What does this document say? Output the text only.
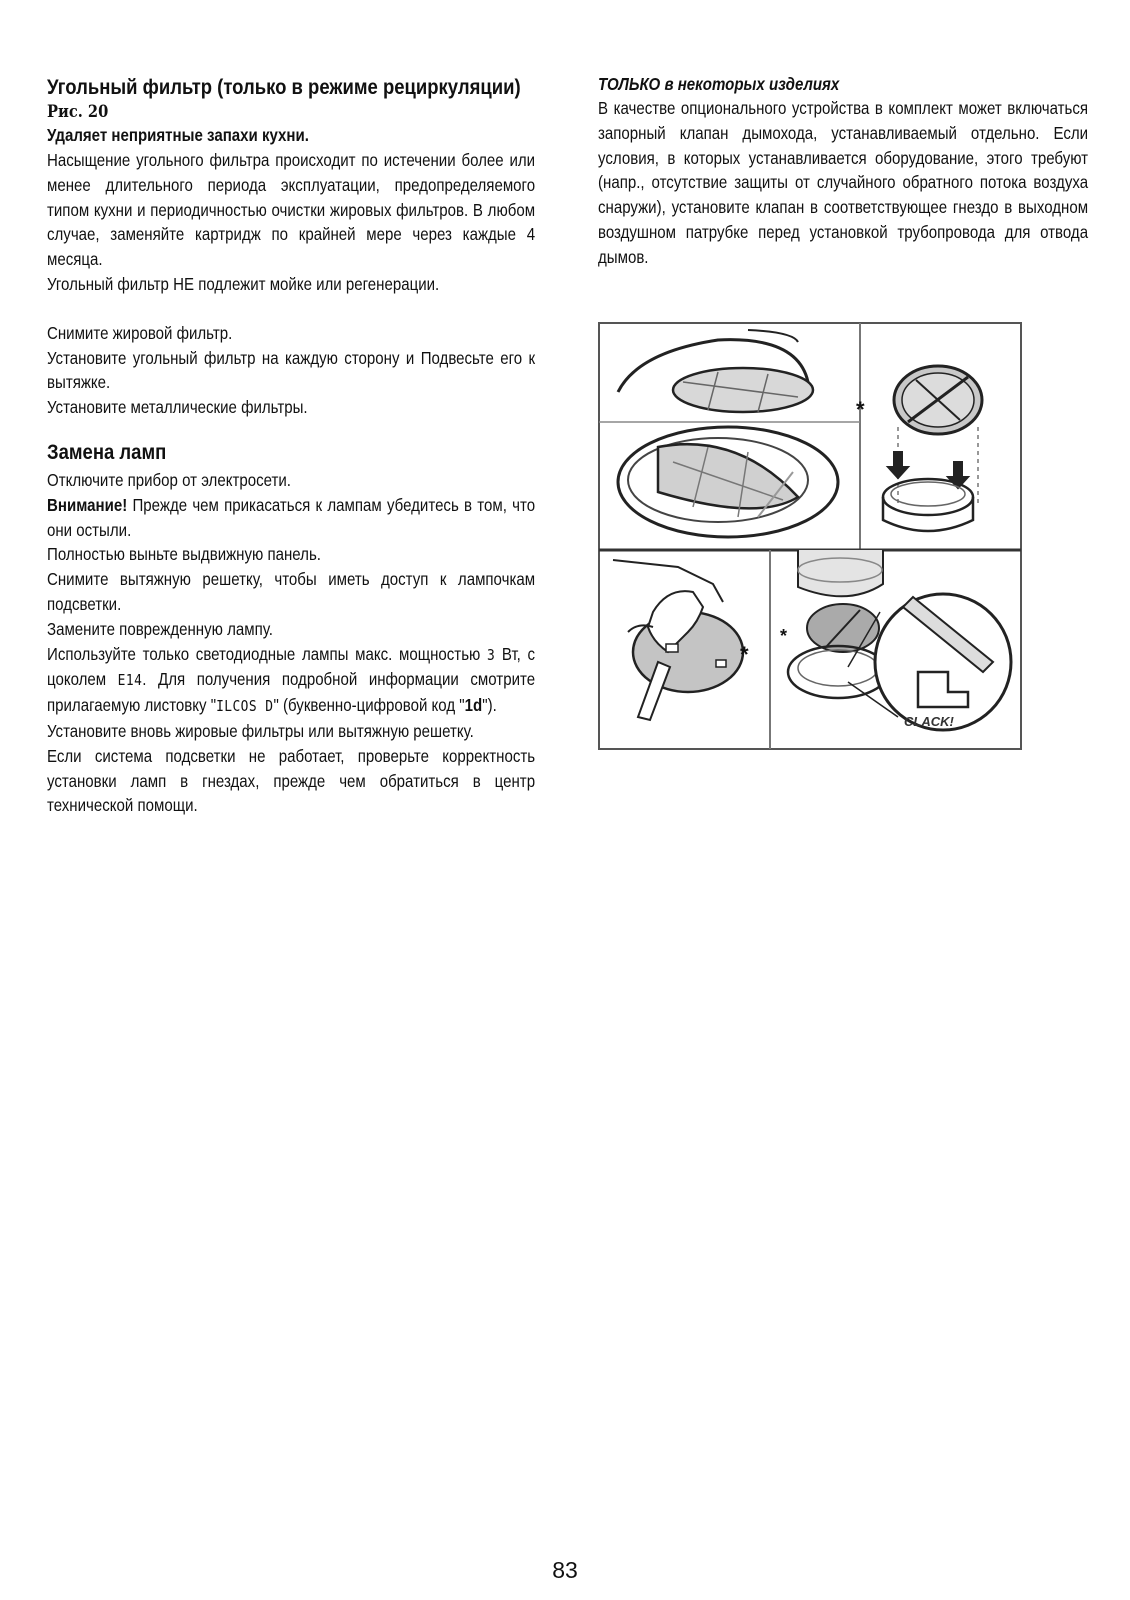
Угольный фильтр (только в режиме рециркуляции)
Рис. 20
Удаляет неприятные запахи кухни.

Насыщение угольного фильтра происходит по истечении более или менее длительного периода эксплуатации, предопределяемого типом кухни и периодичностью очистки жировых фильтров. В любом случае, заменяйте картридж по крайней мере через каждые 4 месяца.

Угольный фильтр НЕ подлежит мойке или регенерации.

Снимите жировой фильтр.

Установите угольный фильтр на каждую сторону и Подвесьте его к вытяжке.

Установите металлические фильтры.

Замена ламп

Отключите прибор от электросети.

Внимание! Прежде чем прикасаться к лампам убедитесь в том, что они остыли.

Полностью выньте выдвижную панель.

Снимите вытяжную решетку, чтобы иметь доступ к лампочкам подсветки.

Замените поврежденную лампу.

Используйте только светодиодные лампы макс. мощностью 3 Вт, с цоколем E14. Для получения подробной информации смотрите прилагаемую листовку "ILCOS D" (буквенно-цифровой код "1d").

Установите вновь жировые фильтры или вытяжную решетку.

Если система подсветки не работает, проверьте корректность установки ламп в гнездах, прежде чем обратиться в центр технической помощи.

ТОЛЬКО в некоторых изделиях

В качестве опционального устройства в комплект может включаться запорный клапан дымохода, устанавливаемый отдельно. Если условия, в которых устанавливается оборудование, этого требуют (напр., отсутствие защиты от случайного обратного потока воздуха снаружи), установите клапан в соответствующее гнездо в выходном воздушном патрубке перед установкой трубопровода для отвода дымов.

*
*
*
CLACK!
83
